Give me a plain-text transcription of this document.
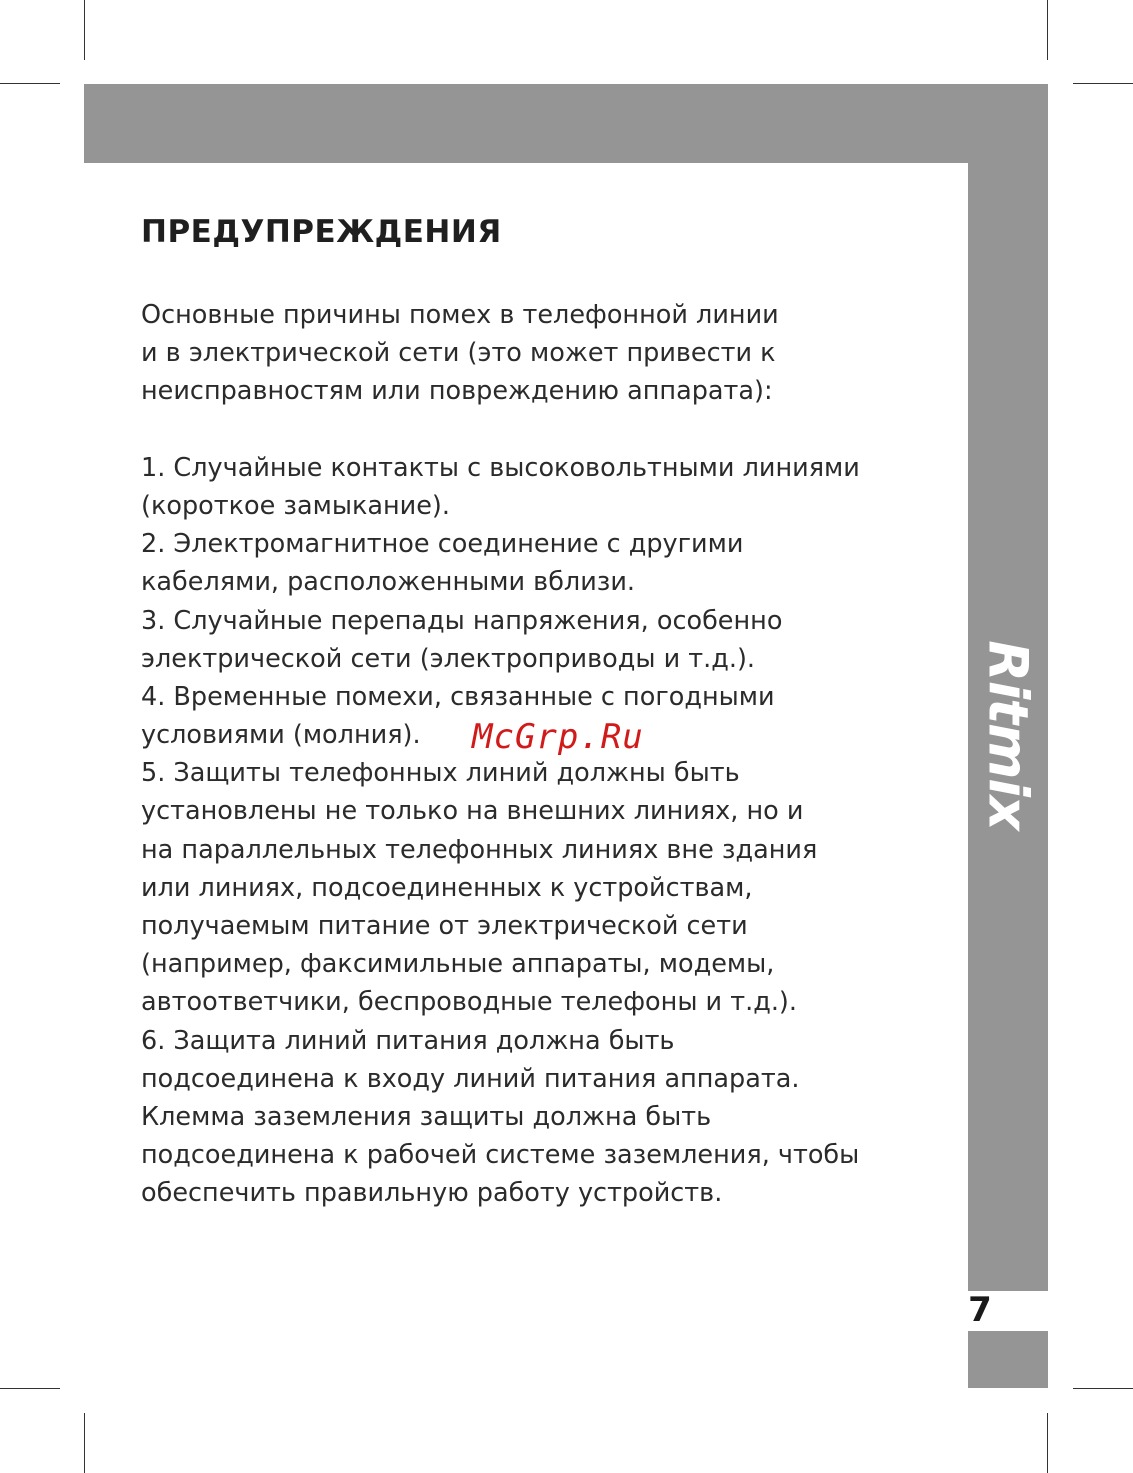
Ritmix
7
ПРЕДУПРЕЖДЕНИЯ
Основные причины помех в телефонной линии
и в электрической сети (это может привести к
неисправностям или повреждению аппарата):
1. Случайные контакты с высоковольтными линиями
(короткое замыкание).
2. Электромагнитное соединение с другими
кабелями, расположенными вблизи.
3. Случайные перепады напряжения, особенно
электрической сети (электроприводы и т.д.).
4. Временные помехи, связанные с погодными
условиями (молния).
5. Защиты телефонных линий должны быть
установлены не только на внешних линиях, но и
на параллельных телефонных линиях вне здания
или линиях, подсоединенных к устройствам,
получаемым питание от электрической сети
(например, факсимильные аппараты, модемы,
автоответчики, беспроводные телефоны и т.д.).
6. Защита линий питания должна быть
подсоединена к входу линий питания аппарата.
Клемма заземления защиты должна быть
подсоединена к рабочей системе заземления, чтобы
обеспечить правильную работу устройств.
McGrp.Ru
